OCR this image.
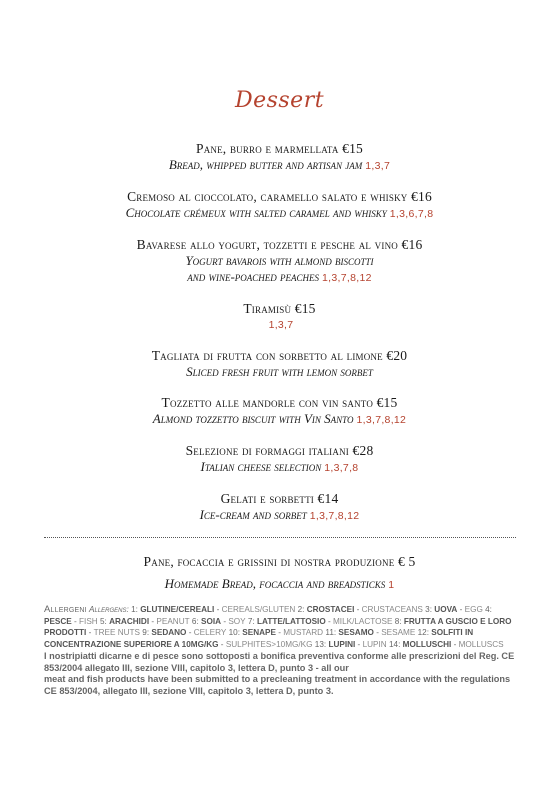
Dessert
Pane, burro e marmellata €15
Bread, whipped butter and artisan jam 1,3,7
Cremoso al cioccolato, caramello salato e whisky €16
Chocolate crémeux with salted caramel and whisky 1,3,6,7,8
Bavarese allo yogurt, tozzetti e pesche al vino €16
Yogurt bavarois with almond biscotti
and wine-poached peaches 1,3,7,8,12
Tiramisù €15
1,3,7
Tagliata di frutta con sorbetto al limone €20
Sliced fresh fruit with lemon sorbet
Tozzetto alle mandorle con vin santo €15
Almond tozzetto biscuit with Vin Santo 1,3,7,8,12
Selezione di formaggi italiani €28
Italian cheese selection 1,3,7,8
Gelati e sorbetti €14
Ice-cream and sorbet 1,3,7,8,12
Pane, focaccia e grissini di nostra produzione € 5
Homemade Bread, focaccia and breadsticks 1
Allergeni Allergens: 1: GLUTINE/CEREALI - CEREALS/GLUTEN 2: CROSTACEI - CRUSTACEANS 3: UOVA - EGG 4: PESCE - FISH 5: ARACHIDI - PEANUT 6: SOIA - SOY 7: LATTE/LATTOSIO - MILK/LACTOSE 8: FRUTTA A GUSCIO E LORO PRODOTTI - TREE NUTS 9: SEDANO - CELERY 10: SENAPE - MUSTARD 11: SESAMO - SESAME 12: SOLFITI IN CONCENTRAZIONE SUPERIORE A 10MG/KG - SULPHITES>10MG/KG 13: LUPINI - LUPIN 14: MOLLUSCHI - MOLLUSCS
I nostripiatti dicarne e di pesce sono sottoposti a bonifica preventiva conforme alle prescrizioni del Reg. CE 853/2004 allegato III, sezione VIII, capitolo 3, lettera D, punto 3 - all our
meat and fish products have been submitted to a precleaning treatment in accordance with the regulations CE 853/2004, allegato III, sezione VIII, capitolo 3, lettera D, punto 3.
